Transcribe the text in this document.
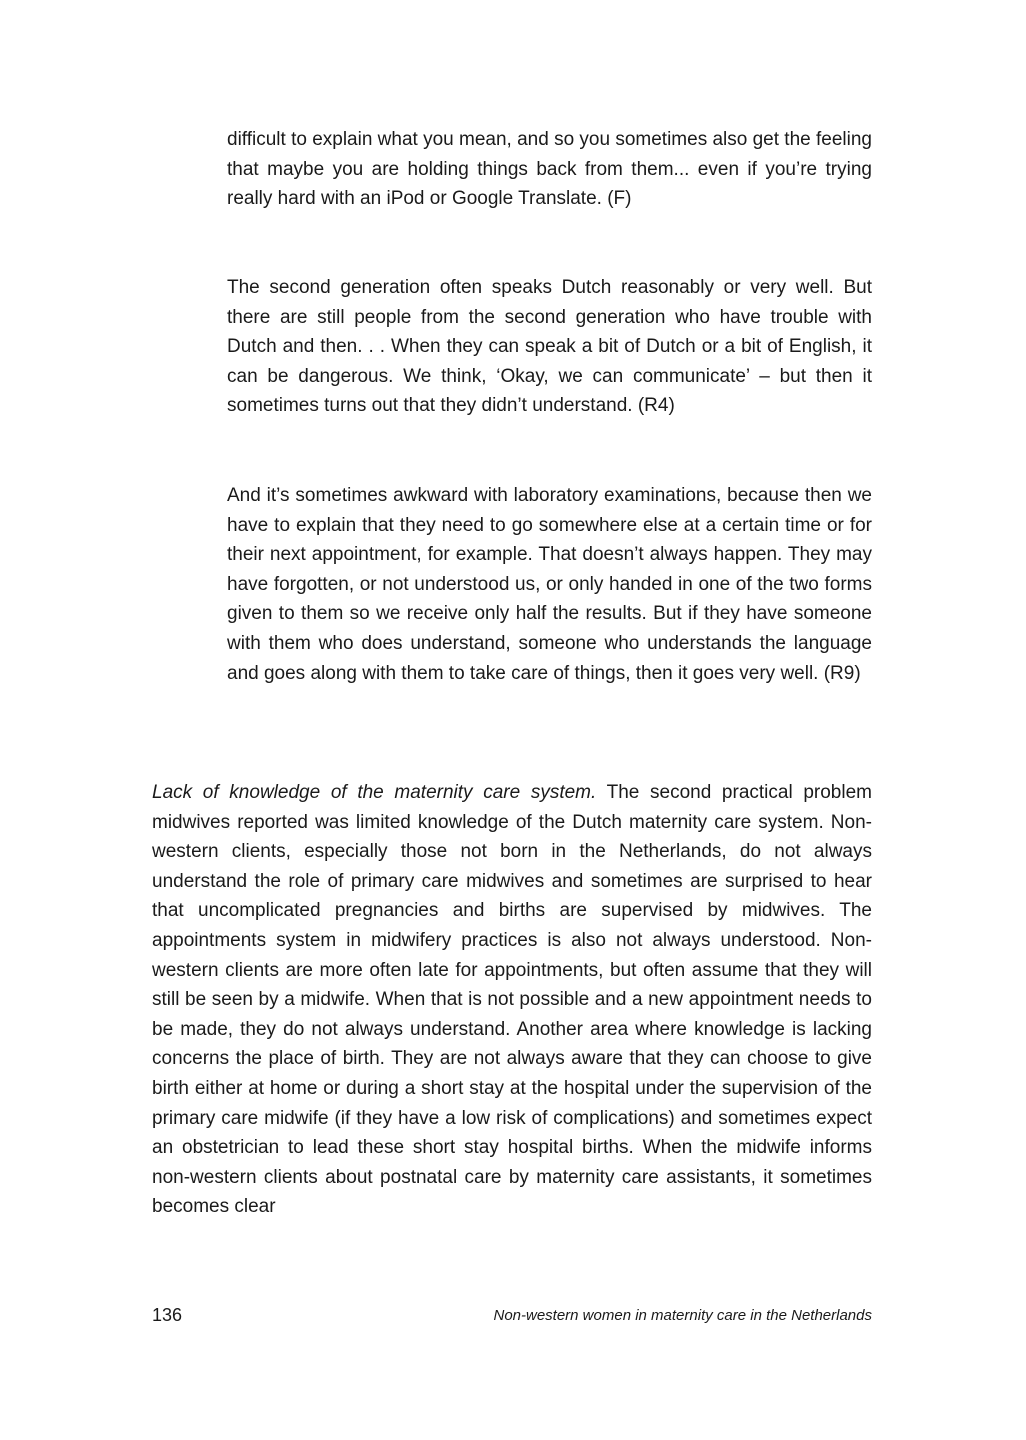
difficult to explain what you mean, and so you sometimes also get the feeling that maybe you are holding things back from them... even if you’re trying really hard with an iPod or Google Translate. (F)

The second generation often speaks Dutch reasonably or very well. But there are still people from the second generation who have trouble with Dutch and then. . . When they can speak a bit of Dutch or a bit of English, it can be dangerous. We think, ‘Okay, we can communicate’ – but then it sometimes turns out that they didn’t understand. (R4)

And it’s sometimes awkward with laboratory examinations, because then we have to explain that they need to go somewhere else at a certain time or for their next appointment, for example. That doesn’t always happen. They may have forgotten, or not understood us, or only handed in one of the two forms given to them so we receive only half the results. But if they have someone with them who does understand, someone who understands the language and goes along with them to take care of things, then it goes very well. (R9)

Lack of knowledge of the maternity care system. The second practical problem midwives reported was limited knowledge of the Dutch maternity care system. Non-western clients, especially those not born in the Netherlands, do not always understand the role of primary care midwives and sometimes are surprised to hear that uncomplicated pregnancies and births are supervised by midwives. The appointments system in midwifery practices is also not always understood. Non-western clients are more often late for appointments, but often assume that they will still be seen by a midwife. When that is not possible and a new appointment needs to be made, they do not always understand. Another area where knowledge is lacking concerns the place of birth. They are not always aware that they can choose to give birth either at home or during a short stay at the hospital under the supervision of the primary care midwife (if they have a low risk of complications) and sometimes expect an obstetrician to lead these short stay hospital births. When the midwife informs non-western clients about postnatal care by maternity care assistants, it sometimes becomes clear

136	Non-western women in maternity care in the Netherlands
